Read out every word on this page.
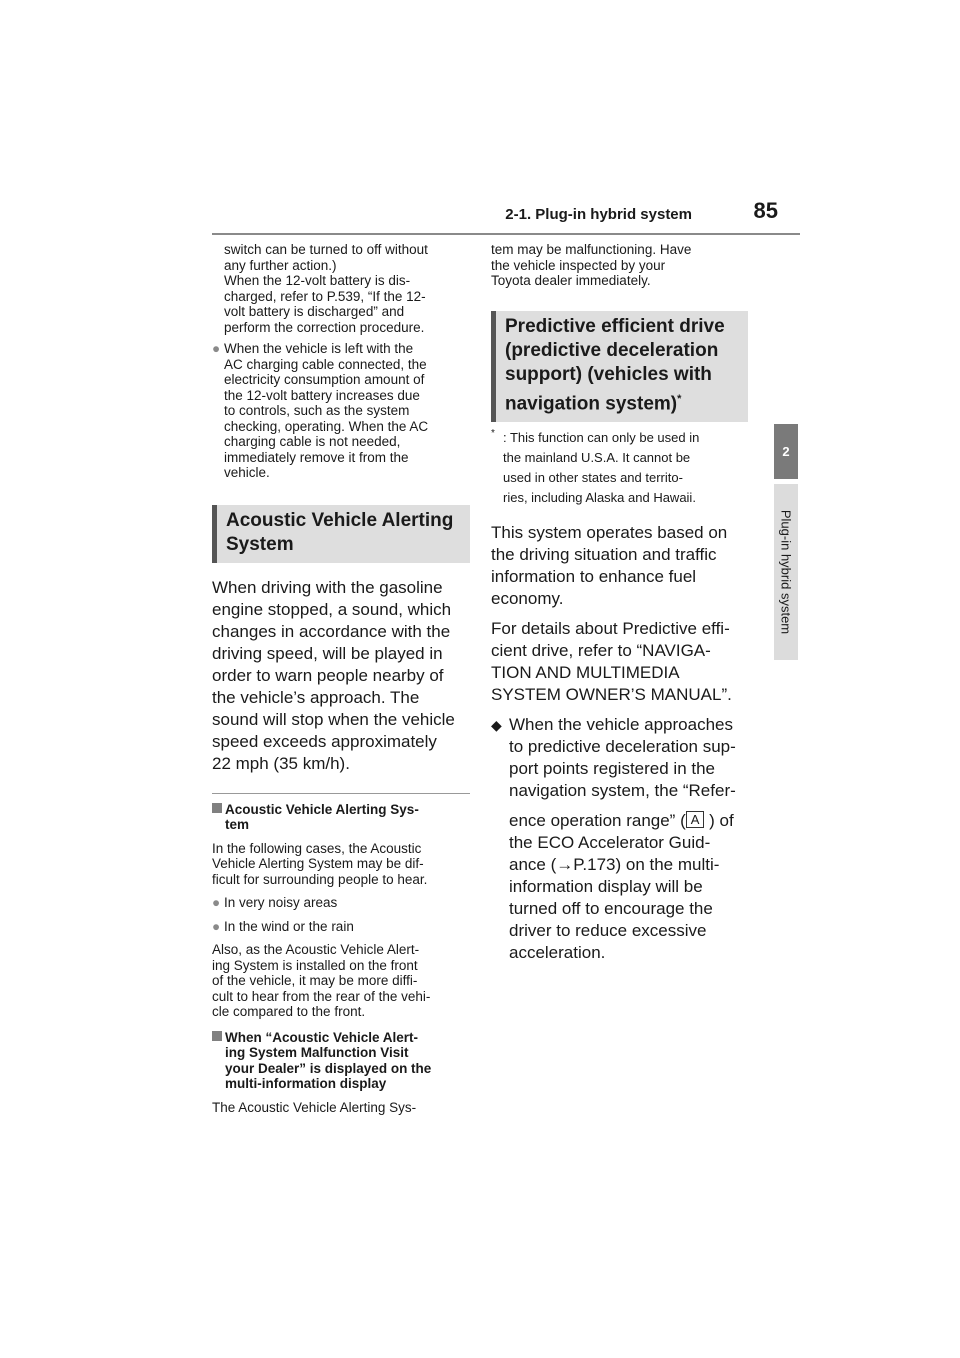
2-1. Plug-in hybrid system	85
2
Plug-in hybrid system

switch can be turned to off without
any further action.)
When the 12-volt battery is dis-
charged, refer to P.539, “If the 12-
volt battery is discharged” and
perform the correction procedure.

● When the vehicle is left with the
AC charging cable connected, the
electricity consumption amount of
the 12-volt battery increases due
to controls, such as the system
checking, operating. When the AC
charging cable is not needed,
immediately remove it from the
vehicle.

Acoustic Vehicle Alerting
System

When driving with the gasoline
engine stopped, a sound, which
changes in accordance with the
driving speed, will be played in
order to warn people nearby of
the vehicle’s approach. The
sound will stop when the vehicle
speed exceeds approximately
22 mph (35 km/h).

Acoustic Vehicle Alerting Sys-
tem

In the following cases, the Acoustic
Vehicle Alerting System may be dif-
ficult for surrounding people to hear.

● In very noisy areas

● In the wind or the rain

Also, as the Acoustic Vehicle Alert-
ing System is installed on the front
of the vehicle, it may be more diffi-
cult to hear from the rear of the vehi-
cle compared to the front.

When “Acoustic Vehicle Alert-
ing System Malfunction Visit
your Dealer” is displayed on the
multi-information display

The Acoustic Vehicle Alerting Sys-

tem may be malfunctioning. Have
the vehicle inspected by your
Toyota dealer immediately.

Predictive efficient drive
(predictive deceleration
support) (vehicles with
navigation system)*

* : This function can only be used in
the mainland U.S.A. It cannot be
used in other states and territo-
ries, including Alaska and Hawaii.

This system operates based on
the driving situation and traffic
information to enhance fuel
economy.

For details about Predictive effi-
cient drive, refer to “NAVIGA-
TION AND MULTIMEDIA
SYSTEM OWNER’S MANUAL”.

◆ When the vehicle approaches
to predictive deceleration sup-
port points registered in the
navigation system, the “Refer-
ence operation range” ( A ) of
the ECO Accelerator Guid-
ance (→P.173) on the multi-
information display will be
turned off to encourage the
driver to reduce excessive
acceleration.
